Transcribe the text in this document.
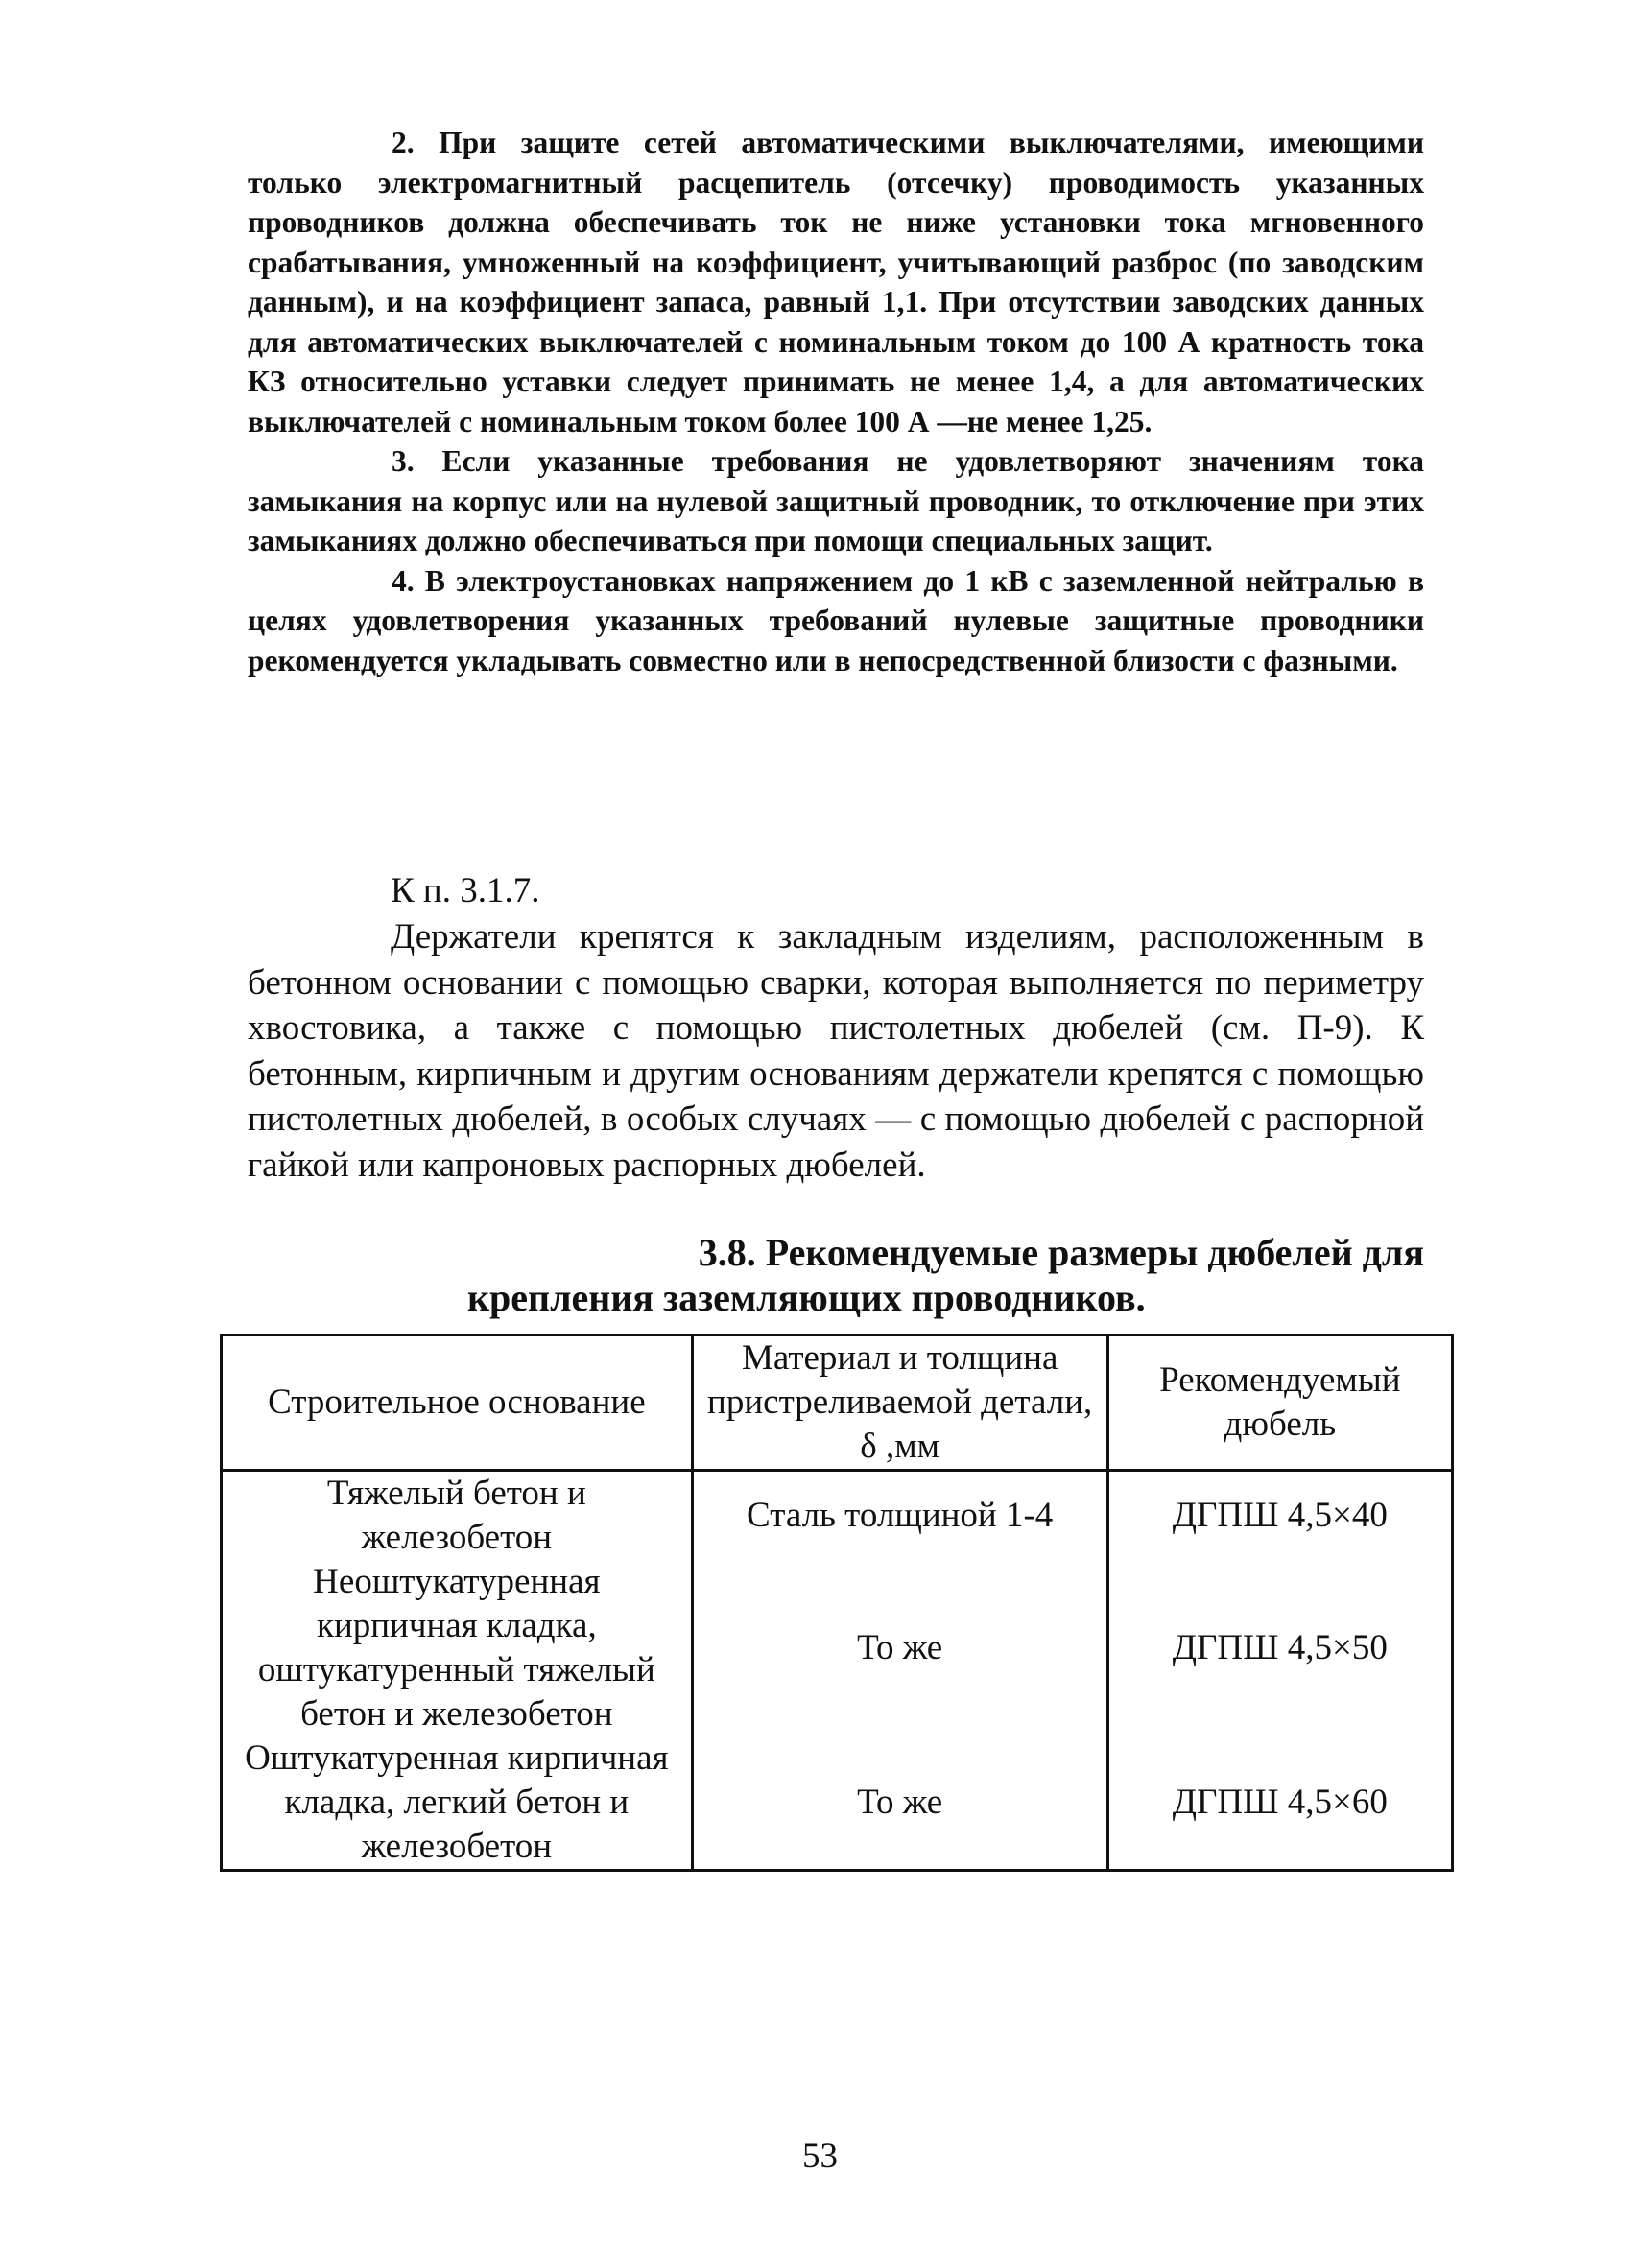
2. При защите сетей автоматическими выключателями, имеющими только электромагнитный расцепитель (отсечку) проводимость указанных проводников должна обеспечивать ток не ниже установки тока мгновенного срабатывания, умноженный на коэффициент, учитывающий разброс (по заводским данным), и на коэффициент запаса, равный 1,1. При отсутствии заводских данных для автоматических выключателей с номинальным током до 100 А кратность тока КЗ относительно уставки следует принимать не менее 1,4, а для автоматических выключателей с номинальным током более 100 А —не менее 1,25.

3. Если указанные требования не удовлетворяют значениям тока замыкания на корпус или на нулевой защитный проводник, то отключение при этих замыканиях должно обеспечиваться при помощи специальных защит.

4. В электроустановках напряжением до 1 кВ с заземленной нейтралью в целях удовлетворения указанных требований нулевые защитные проводники рекомендуется укладывать совместно или в непосредственной близости с фазными.

К п. 3.1.7.

Держатели крепятся к закладным изделиям, расположенным в бетонном основании с помощью сварки, которая выполняется по периметру хвостовика, а также с помощью пистолетных дюбелей (см. П-9). К бетонным, кирпичным и другим основаниям держатели крепятся с помощью пистолетных дюбелей, в особых случаях — с помощью дюбелей с распорной гайкой или капроновых распорных дюбелей.

3.8. Рекомендуемые размеры дюбелей для
крепления заземляющих проводников.
Строительное основание	Материал и толщина пристреливаемой детали, δ ,мм	Рекомендуемый дюбель
Тяжелый бетон и железобетон	Сталь толщиной 1-4	ДГПШ 4,5×40
Неоштукатуренная кирпичная кладка, оштукатуренный тяжелый бетон и железобетон	То же	ДГПШ 4,5×50
Оштукатуренная кирпичная кладка, легкий бетон и железобетон	То же	ДГПШ 4,5×60
53
